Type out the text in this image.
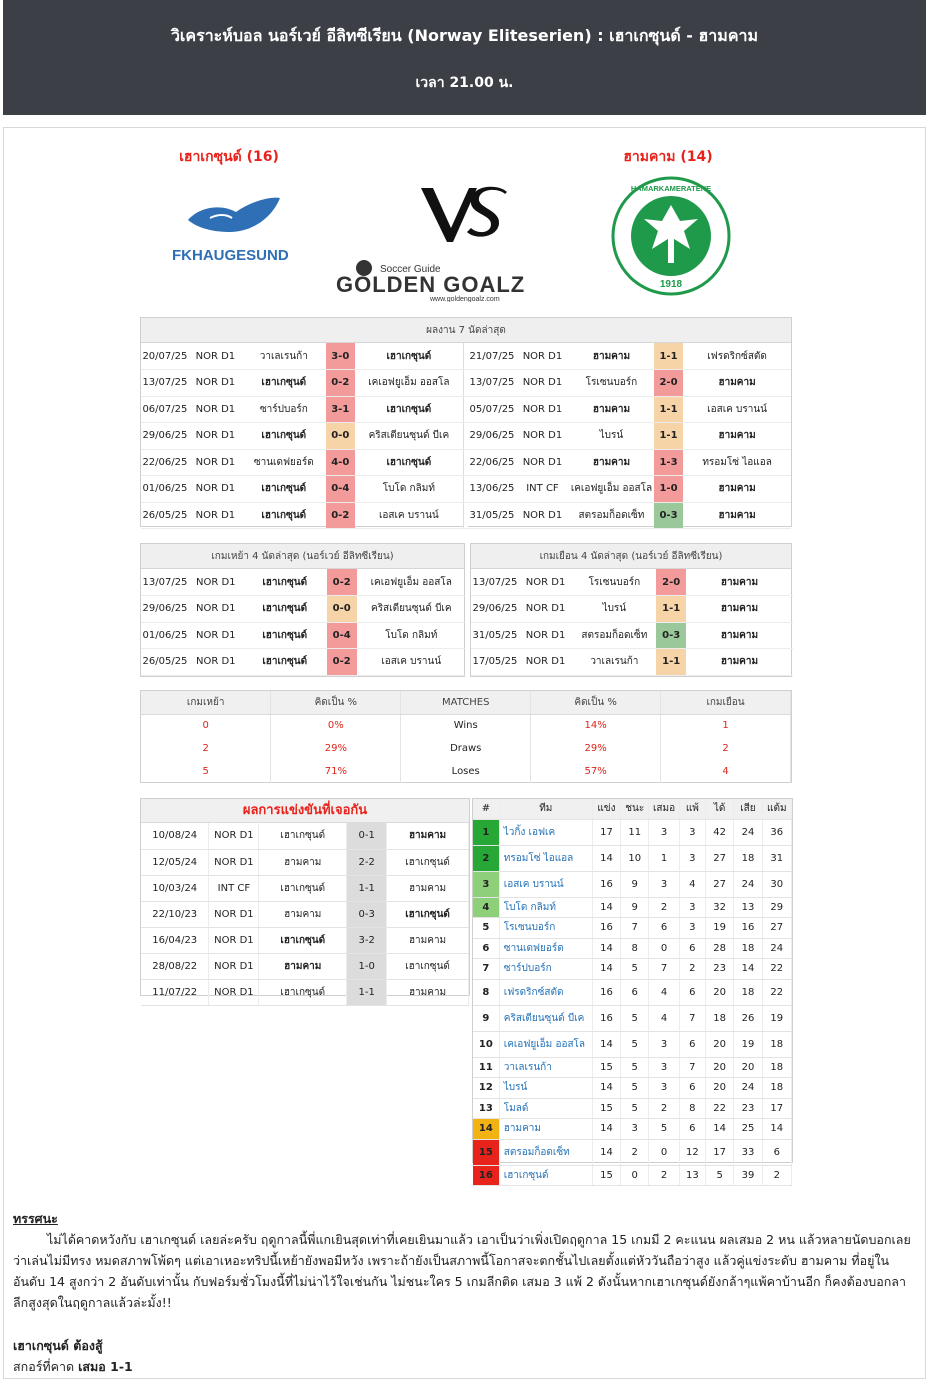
วิเคราะห์บอล นอร์เวย์ อีลิทซีเรียน (Norway Eliteserien) : เฮาเกซุนด์ - ฮามคาม
เวลา 21.00 น.
เฮาเกซุนด์ (16)	ฮามคาม (14)
FKHAUGESUND
Soccer Guide
GOLDEN GOALZ
www.goldengoalz.com
1918
HAMARKAMERATENE
ผลงาน 7 นัดล่าสุด
20/07/25	NOR D1	วาเลเรนก้า	3-0	เฮาเกซุนด์		21/07/25	NOR D1	ฮามคาม	1-1	เฟรดริกซ์สตัด
13/07/25	NOR D1	เฮาเกซุนด์	0-2	เคเอฟยูเอ็ม ออสโล		13/07/25	NOR D1	โรเซนบอร์ก	2-0	ฮามคาม
06/07/25	NOR D1	ซาร์ปบอร์ก	3-1	เฮาเกซุนด์		05/07/25	NOR D1	ฮามคาม	1-1	เอสเค บรานน์
29/06/25	NOR D1	เฮาเกซุนด์	0-0	คริสเตียนซุนด์ บีเค		29/06/25	NOR D1	ไบรน์	1-1	ฮามคาม
22/06/25	NOR D1	ซานเดฟยอร์ด	4-0	เฮาเกซุนด์		22/06/25	NOR D1	ฮามคาม	1-3	ทรอมโซ่ ไอแอล
01/06/25	NOR D1	เฮาเกซุนด์	0-4	โบโด กลิมท์		13/06/25	INT CF	เคเอฟยูเอ็ม ออสโล	1-0	ฮามคาม
26/05/25	NOR D1	เฮาเกซุนด์	0-2	เอสเค บรานน์		31/05/25	NOR D1	สตรอมก็อดเซ็ท	0-3	ฮามคาม
เกมเหย้า 4 นัดล่าสุด (นอร์เวย์ อีลิทซีเรียน)
13/07/25	NOR D1	เฮาเกซุนด์	0-2	เคเอฟยูเอ็ม ออสโล
29/06/25	NOR D1	เฮาเกซุนด์	0-0	คริสเตียนซุนด์ บีเค
01/06/25	NOR D1	เฮาเกซุนด์	0-4	โบโด กลิมท์
26/05/25	NOR D1	เฮาเกซุนด์	0-2	เอสเค บรานน์
เกมเยือน 4 นัดล่าสุด (นอร์เวย์ อีลิทซีเรียน)
13/07/25	NOR D1	โรเซนบอร์ก	2-0	ฮามคาม
29/06/25	NOR D1	ไบรน์	1-1	ฮามคาม
31/05/25	NOR D1	สตรอมก็อดเซ็ท	0-3	ฮามคาม
17/05/25	NOR D1	วาเลเรนก้า	1-1	ฮามคาม
เกมเหย้า	คิดเป็น %	MATCHES	คิดเป็น %	เกมเยือน
0	0%	Wins	14%	1
2	29%	Draws	29%	2
5	71%	Loses	57%	4
ผลการแข่งขันที่เจอกัน
10/08/24	NOR D1	เฮาเกซุนด์	0-1	ฮามคาม
12/05/24	NOR D1	ฮามคาม	2-2	เฮาเกซุนด์
10/03/24	INT CF	เฮาเกซุนด์	1-1	ฮามคาม
22/10/23	NOR D1	ฮามคาม	0-3	เฮาเกซุนด์
16/04/23	NOR D1	เฮาเกซุนด์	3-2	ฮามคาม
28/08/22	NOR D1	ฮามคาม	1-0	เฮาเกซุนด์
11/07/22	NOR D1	เฮาเกซุนด์	1-1	ฮามคาม
#	ทีม	แข่ง	ชนะ	เสมอ	แพ้	ได้	เสีย	แต้ม
1	ไวกิ้ง เอฟเค	17	11	3	3	42	24	36
2	ทรอมโซ่ ไอแอล	14	10	1	3	27	18	31
3	เอสเค บรานน์	16	9	3	4	27	24	30
4	โบโด กลิมท์	14	9	2	3	32	13	29
5	โรเซนบอร์ก	16	7	6	3	19	16	27
6	ซานเดฟยอร์ด	14	8	0	6	28	18	24
7	ซาร์ปบอร์ก	14	5	7	2	23	14	22
8	เฟรดริกซ์สตัด	16	6	4	6	20	18	22
9	คริสเตียนซุนด์ บีเค	16	5	4	7	18	26	19
10	เคเอฟยูเอ็ม ออสโล	14	5	3	6	20	19	18
11	วาเลเรนก้า	15	5	3	7	20	20	18
12	ไบรน์	14	5	3	6	20	24	18
13	โมลด์	15	5	2	8	22	23	17
14	ฮามคาม	14	3	5	6	14	25	14
15	สตรอมก็อดเซ็ท	14	2	0	12	17	33	6
16	เฮาเกซุนด์	15	0	2	13	5	39	2
ทรรศนะ

ไม่ได้คาดหวังกับ เฮาเกซุนด์ เลยล่ะครับ ฤดูกาลนี้พี่แกเยินสุดเท่าที่เคยเยินมาแล้ว เอาเป็นว่าเพิ่งเปิดฤดูกาล 15 เกมมี 2 คะแนน ผลเสมอ 2 หน แล้วหลายนัดบอกเลยว่าเล่นไม่มีทรง หมดสภาพโพ้ดๆ แต่เอาเหอะทริปนี้เหย้ายังพอมีหวัง เพราะถ้ายังเป็นสภาพนี้โอกาสจะตกชั้นไปเลยตั้งแต่หัววันถือว่าสูง แล้วคู่แข่งระดับ ฮามคาม ที่อยู่ในอันดับ 14 สูงกว่า 2 อันดับเท่านั้น กับฟอร์มชั่วโมงนี้ที่ไม่น่าไว้ใจเช่นกัน ไม่ชนะใคร 5 เกมลีกติด เสมอ 3 แพ้ 2 ดังนั้นหากเฮาเกซุนด์ยังกล้าๆแพ้คาบ้านอีก ก็คงต้องบอกลาลีกสูงสุดในฤดูกาลแล้วล่ะมั้ง!!

เฮาเกซุนด์ ต้องสู้
สกอร์ที่คาด เสมอ 1-1
